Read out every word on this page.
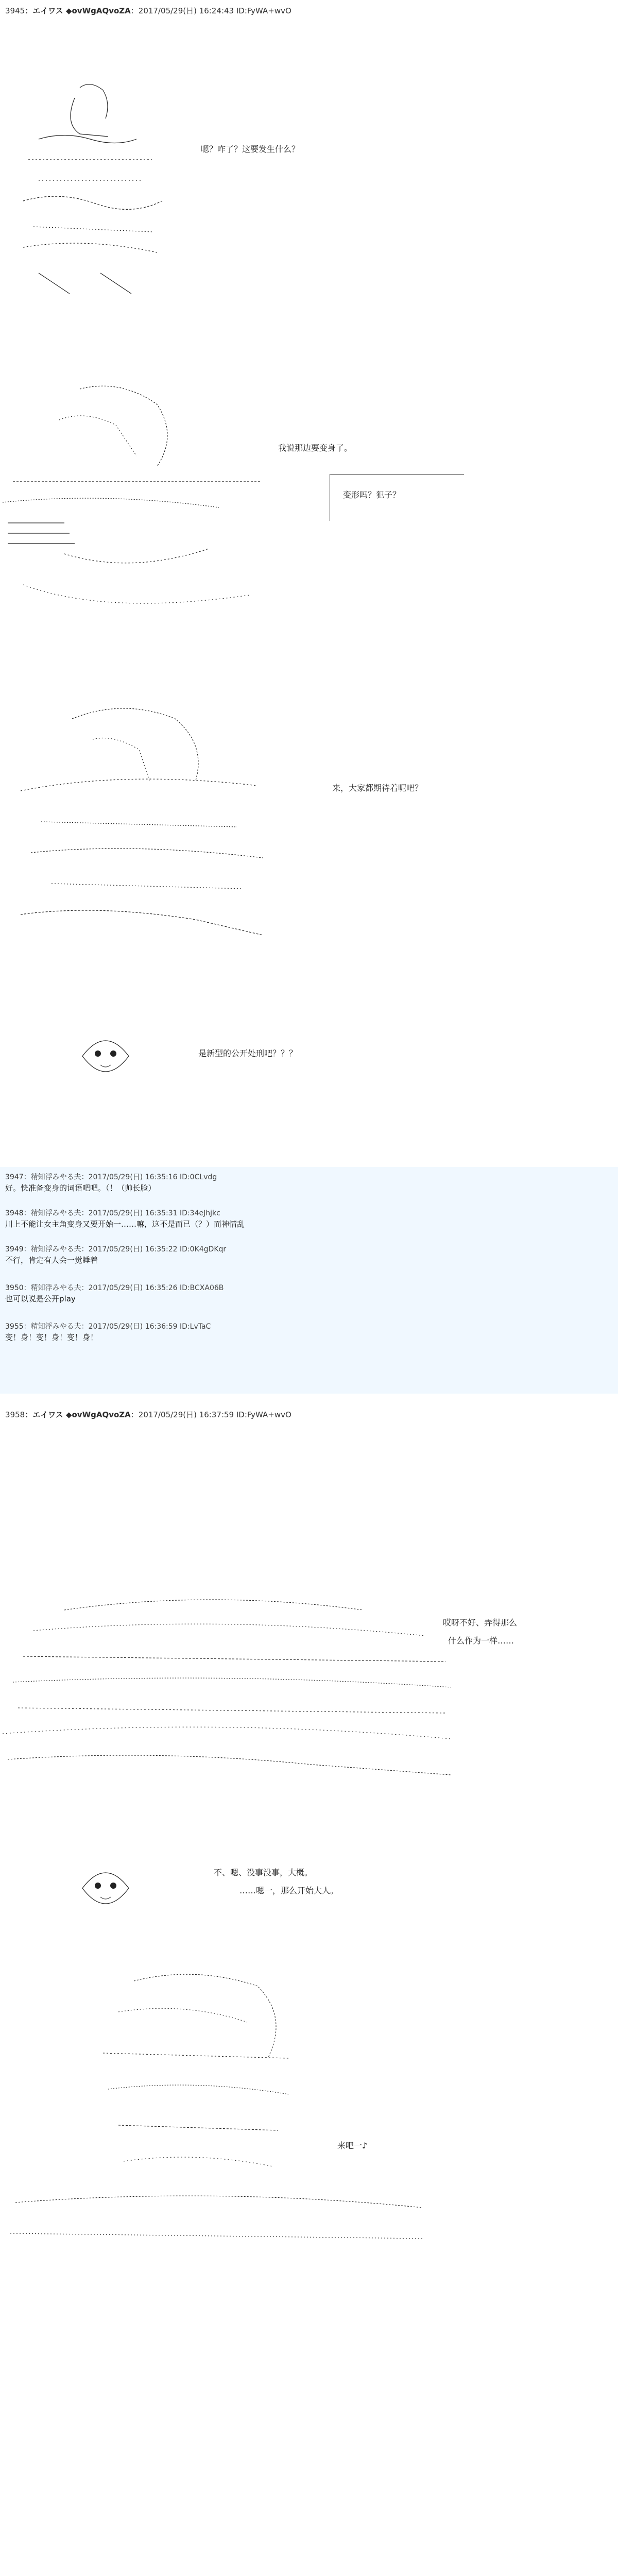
3945：エイワス ◆ovWgAQvoZA：2017/05/29(日) 16:24:43 ID:FyWA+wvO
嗯？咋了？这要发生什么？
我说那边要变身了。
变形吗？犯子？
来，大家都期待着呢吧？
是新型的公开处刑吧？？？
3947：精知浮みやる夫：2017/05/29(日) 16:35:16 ID:0CLvdg
好。快准备变身的词语吧吧。（！（帅长脸）
3948：精知浮みやる夫：2017/05/29(日) 16:35:31 ID:34eJhjkc
川上不能让女主角变身又要开始一……嘛，这不是而已（？）而神情乱
3949：精知浮みやる夫：2017/05/29(日) 16:35:22 ID:0K4gDKqr
不行，肯定有人会一觉睡着
3950：精知浮みやる夫：2017/05/29(日) 16:35:26 ID:BCXA06B
也可以说是公开play
3955：精知浮みやる夫：2017/05/29(日) 16:36:59 ID:LvTaC
变！身！变！身！变！身！
3958：エイワス ◆ovWgAQvoZA：2017/05/29(日) 16:37:59 ID:FyWA+wvO
哎呀不好、弄得那么
什么作为一样……
不、嗯、没事没事，大概。
……嗯一，那么开始大人。
来吧一♪
